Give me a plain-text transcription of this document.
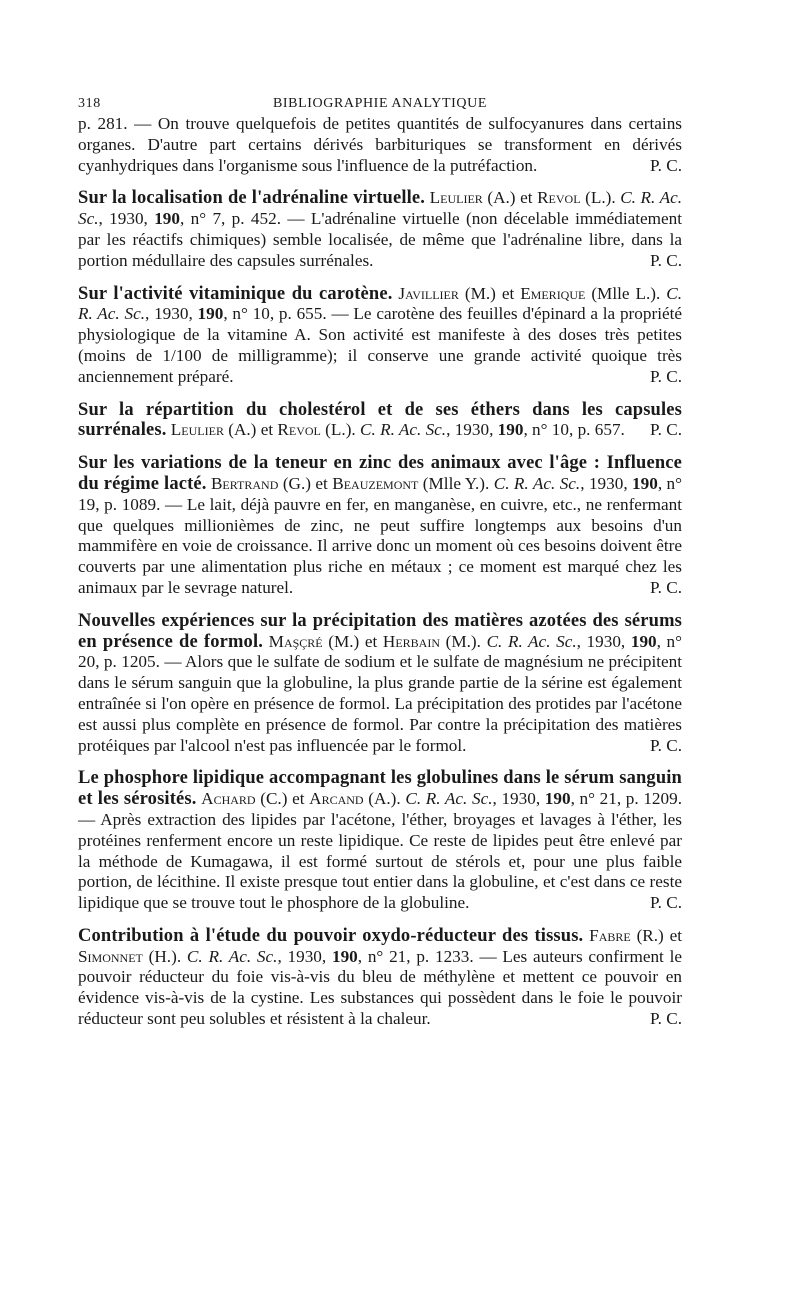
318	BIBLIOGRAPHIE ANALYTIQUE

p. 281. — On trouve quelquefois de petites quantités de sulfocyanures dans certains organes. D'autre part certains dérivés barbituriques se transforment en dérivés cyanhydriques dans l'organisme sous l'influence de la putréfaction.	P. C.

Sur la localisation de l'adrénaline virtuelle. Leulier (A.) et Revol (L.). C. R. Ac. Sc., 1930, 190, n° 7, p. 452. — L'adrénaline virtuelle (non décelable immédiatement par les réactifs chimiques) semble localisée, de même que l'adrénaline libre, dans la portion médullaire des capsules surrénales.	P. C.

Sur l'activité vitaminique du carotène. Javillier (M.) et Emerique (Mlle L.). C. R. Ac. Sc., 1930, 190, n° 10, p. 655. — Le carotène des feuilles d'épinard a la propriété physiologique de la vitamine A. Son activité est manifeste à des doses très petites (moins de 1/100 de milligramme); il conserve une grande activité quoique très anciennement préparé.	P. C.

Sur la répartition du cholestérol et de ses éthers dans les capsules surrénales. Leulier (A.) et Revol (L.). C. R. Ac. Sc., 1930, 190, n° 10, p. 657.	P. C.

Sur les variations de la teneur en zinc des animaux avec l'âge : Influence du régime lacté. Bertrand (G.) et Beauzemont (Mlle Y.). C. R. Ac. Sc., 1930, 190, n° 19, p. 1089. — Le lait, déjà pauvre en fer, en manganèse, en cuivre, etc., ne renfermant que quelques millionièmes de zinc, ne peut suffire longtemps aux besoins d'un mammifère en voie de croissance. Il arrive donc un moment où ces besoins doivent être couverts par une alimentation plus riche en métaux ; ce moment est marqué chez les animaux par le sevrage naturel.	P. C.

Nouvelles expériences sur la précipitation des matières azotées des sérums en présence de formol. Maşçré (M.) et Herbain (M.). C. R. Ac. Sc., 1930, 190, n° 20, p. 1205. — Alors que le sulfate de sodium et le sulfate de magnésium ne précipitent dans le sérum sanguin que la globuline, la plus grande partie de la sérine est également entraînée si l'on opère en présence de formol. La précipitation des protides par l'acétone est aussi plus complète en présence de formol. Par contre la précipitation des matières protéiques par l'alcool n'est pas influencée par le formol.	P. C.

Le phosphore lipidique accompagnant les globulines dans le sérum sanguin et les sérosités. Achard (C.) et Arcand (A.). C. R. Ac. Sc., 1930, 190, n° 21, p. 1209. — Après extraction des lipides par l'acétone, l'éther, broyages et lavages à l'éther, les protéines renferment encore un reste lipidique. Ce reste de lipides peut être enlevé par la méthode de Kumagawa, il est formé surtout de stérols et, pour une plus faible portion, de lécithine. Il existe presque tout entier dans la globuline, et c'est dans ce reste lipidique que se trouve tout le phosphore de la globuline.	P. C.

Contribution à l'étude du pouvoir oxydo-réducteur des tissus. Fabre (R.) et Simonnet (H.). C. R. Ac. Sc., 1930, 190, n° 21, p. 1233. — Les auteurs confirment le pouvoir réducteur du foie vis-à-vis du bleu de méthylène et mettent ce pouvoir en évidence vis-à-vis de la cystine. Les substances qui possèdent dans le foie le pouvoir réducteur sont peu solubles et résistent à la chaleur.	P. C.
